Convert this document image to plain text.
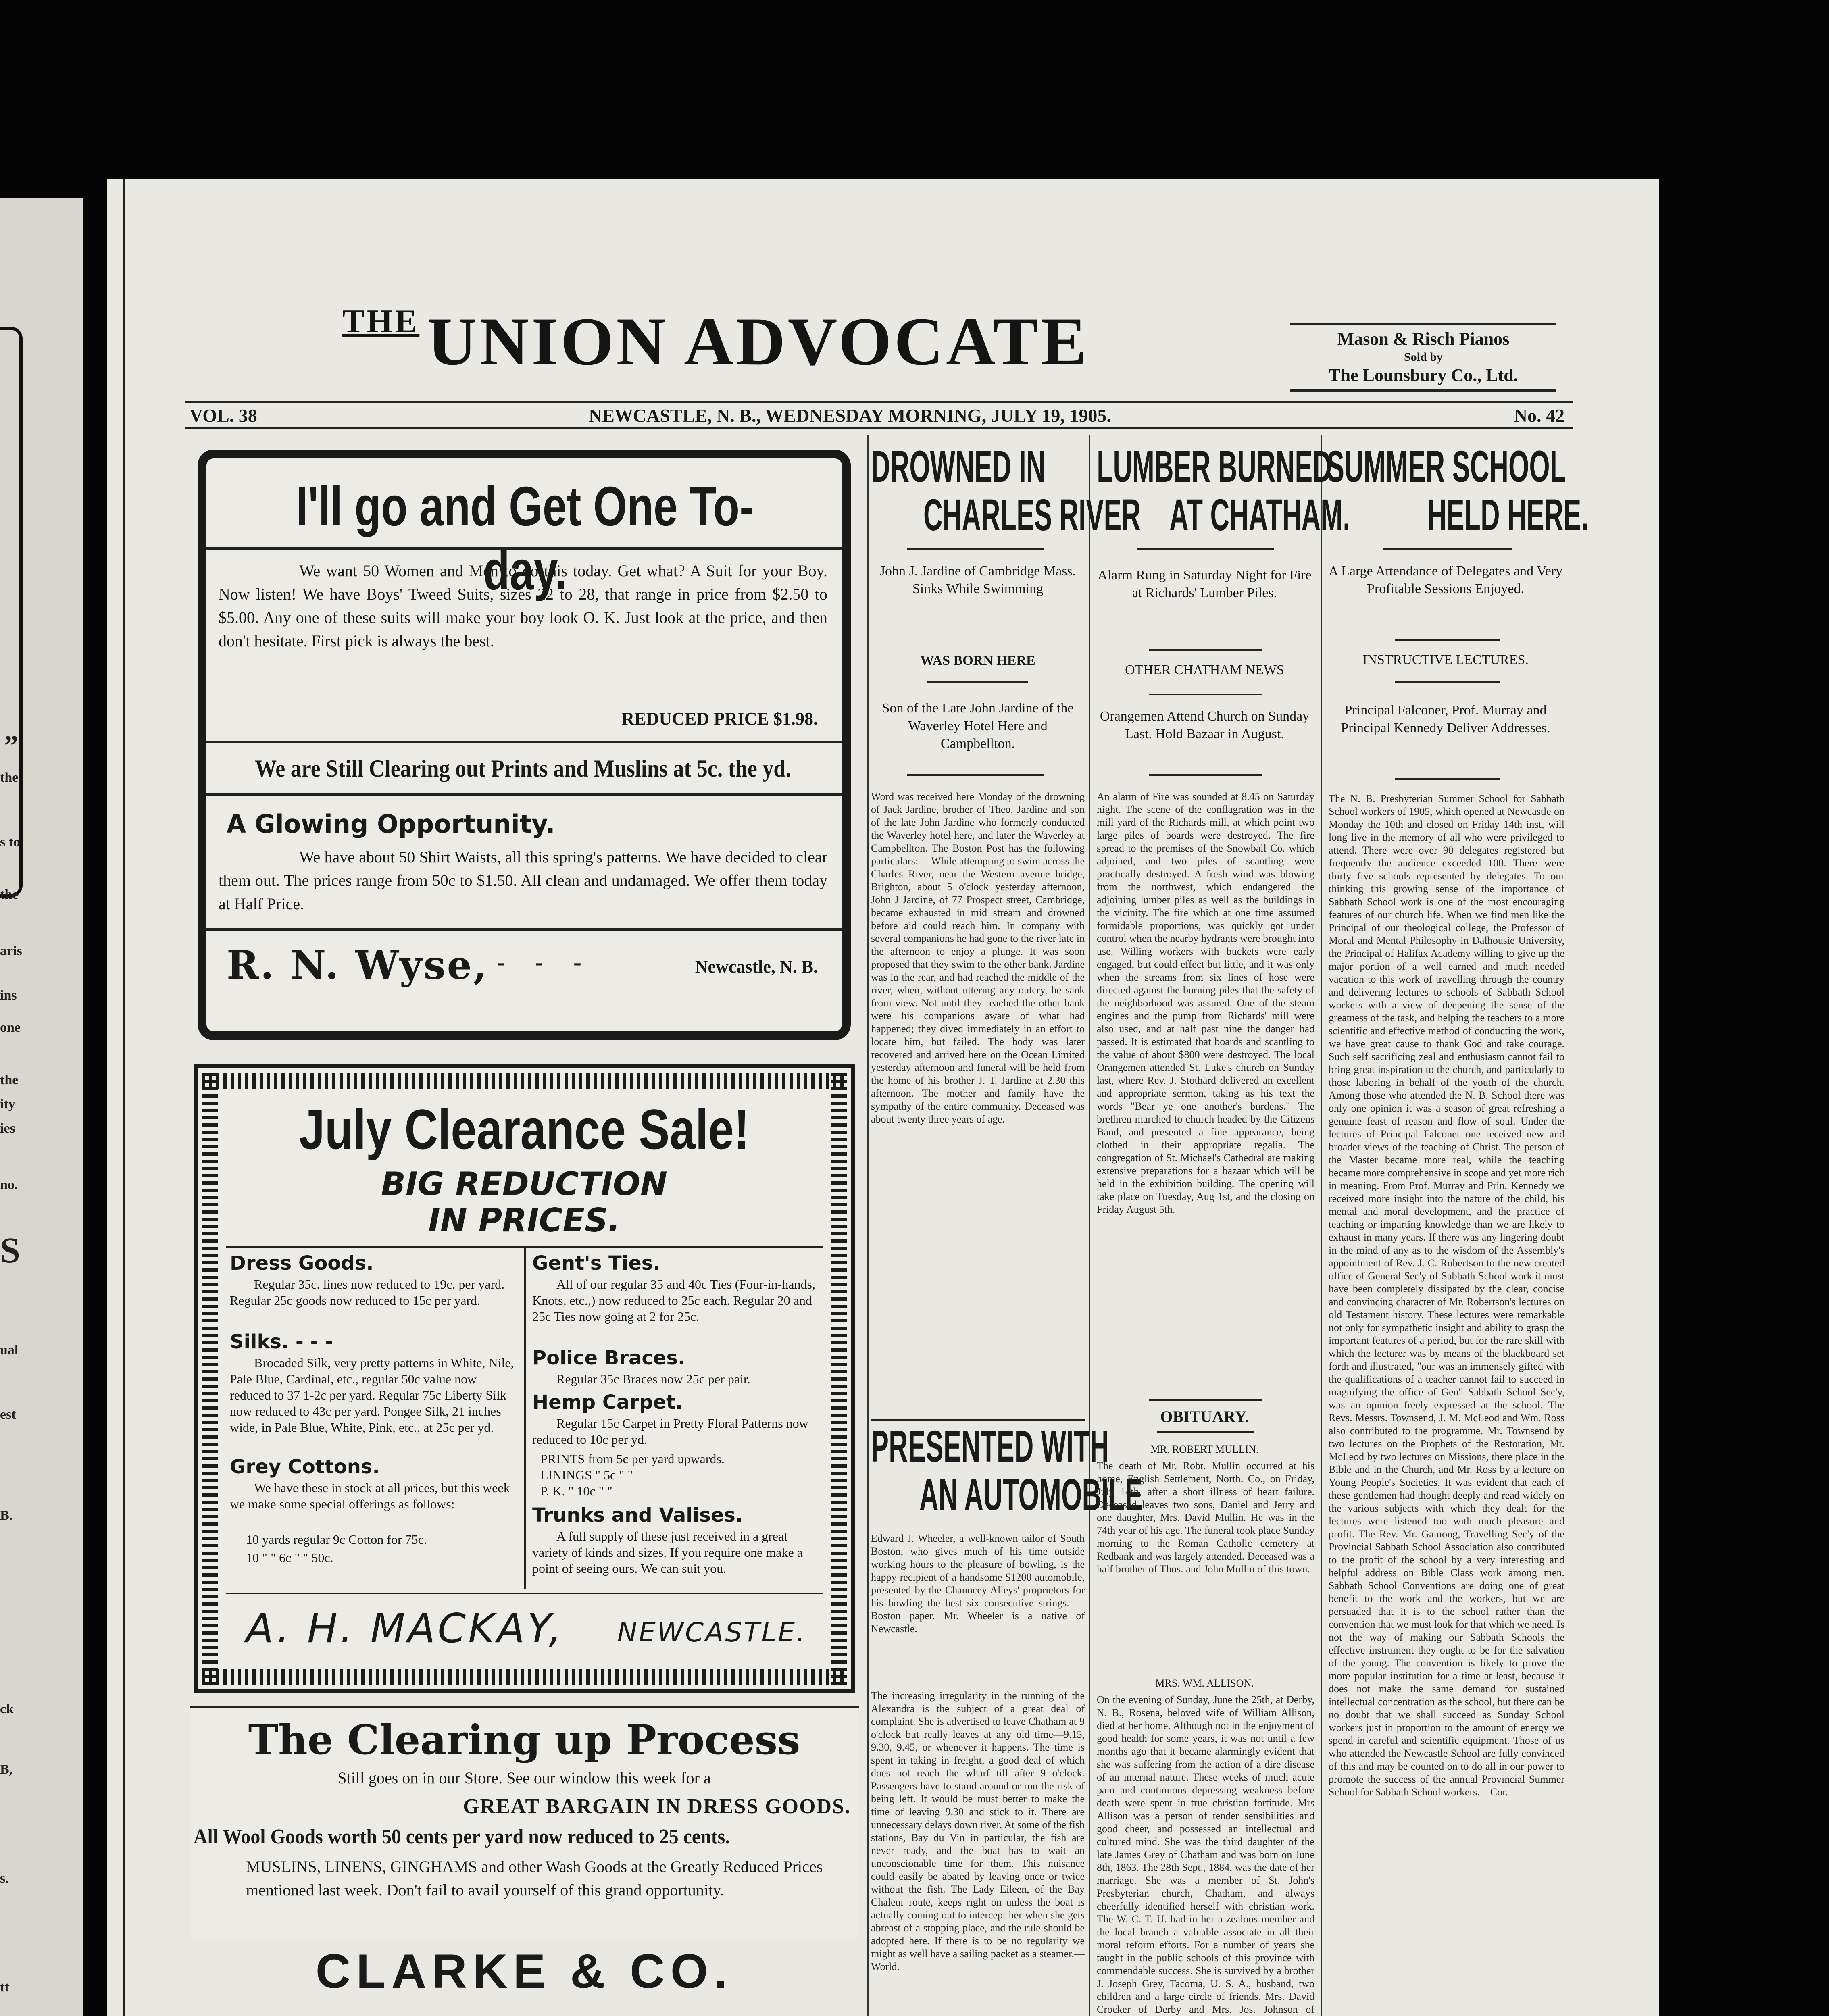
”
the
s to
the
aris
ins
one
the
ity
ies
no.
S
ual
est
B.
ck
B,
s.
tt
$^{THE}$ UNION ADVOCATE	Mason & Risch Pianos
Sold by
The Lounsbury Co., Ltd.
VOL. 38	NEWCASTLE, N. B., WEDNESDAY MORNING, JULY 19, 1905.	No. 42
I'll go and Get One To-day.
We want 50 Women and Men to do this today. Get what? A Suit for your Boy. Now listen! We have Boys' Tweed Suits, sizes 22 to 28, that range in price from $2.50 to $5.00. Any one of these suits will make your boy look O. K. Just look at the price, and then don't hesitate. First pick is always the best.
REDUCED PRICE $1.98.
We are Still Clearing out Prints and Muslins at 5c. the yd.
A Glowing Opportunity.
We have about 50 Shirt Waists, all this spring's patterns. We have decided to clear them out. The prices range from 50c to $1.50. All clean and undamaged. We offer them today at Half Price.
R. N. Wyse, - - -	Newcastle, N. B.
July Clearance Sale!
BIG REDUCTION
IN PRICES.
Dress Goods.
Regular 35c. lines now reduced to 19c. per yard. Regular 25c goods now reduced to 15c per yard.
Silks. - - -
Brocaded Silk, very pretty patterns in White, Nile, Pale Blue, Cardinal, etc., regular 50c value now reduced to 37 1-2c per yard. Regular 75c Liberty Silk now reduced to 43c per yard. Pongee Silk, 21 inches wide, in Pale Blue, White, Pink, etc., at 25c per yd.
Grey Cottons.
We have these in stock at all prices, but this week we make some special offerings as follows:
10 yards regular 9c Cotton for 75c.
10 " " 6c " " 50c.
Gent's Ties.
All of our regular 35 and 40c Ties (Four-in-hands, Knots, etc.,) now reduced to 25c each. Regular 20 and 25c Ties now going at 2 for 25c.
Police Braces.
Regular 35c Braces now 25c per pair.
Hemp Carpet.
Regular 15c Carpet in Pretty Floral Patterns now reduced to 10c per yd.
PRINTS from 5c per yard upwards.
LININGS " 5c " "
P. K. " 10c " "
Trunks and Valises.
A full supply of these just received in a great variety of kinds and sizes. If you require one make a point of seeing ours. We can suit you.
A. H. MACKAY, NEWCASTLE.
The Clearing up Process
Still goes on in our Store. See our window this week for a
GREAT BARGAIN IN DRESS GOODS.
All Wool Goods worth 50 cents per yard now reduced to 25 cents.
MUSLINS, LINENS, GINGHAMS and other Wash Goods at the Greatly Reduced Prices mentioned last week. Don't fail to avail yourself of this grand opportunity.
CLARKE & CO.
DROWNED IN
CHARLES RIVER
John J. Jardine of Cambridge Mass. Sinks While Swimming
WAS BORN HERE
Son of the Late John Jardine of the Waverley Hotel Here and Campbellton.
Word was received here Monday of the drowning of Jack Jardine, brother of Theo. Jardine and son of the late John Jardine who formerly conducted the Waverley hotel here, and later the Waverley at Campbellton. The Boston Post has the following particulars:— While attempting to swim across the Charles River, near the Western avenue bridge, Brighton, about 5 o'clock yesterday afternoon, John J Jardine, of 77 Prospect street, Cambridge, became exhausted in mid stream and drowned before aid could reach him. In company with several companions he had gone to the river late in the afternoon to enjoy a plunge. It was soon proposed that they swim to the other bank. Jardine was in the rear, and had reached the middle of the river, when, without uttering any outcry, he sank from view. Not until they reached the other bank were his companions aware of what had happened; they dived immediately in an effort to locate him, but failed. The body was later recovered and arrived here on the Ocean Limited yesterday afternoon and funeral will be held from the home of his brother J. T. Jardine at 2.30 this afternoon. The mother and family have the sympathy of the entire community. Deceased was about twenty three years of age.
PRESENTED WITH
AN AUTOMOBILE
Edward J. Wheeler, a well-known tailor of South Boston, who gives much of his time outside working hours to the pleasure of bowling, is the happy recipient of a handsome $1200 automobile, presented by the Chauncey Alleys' proprietors for his bowling the best six consecutive strings. —Boston paper. Mr. Wheeler is a native of Newcastle.
The increasing irregularity in the running of the Alexandra is the subject of a great deal of complaint. She is advertised to leave Chatham at 9 o'clock but really leaves at any old time—9.15, 9.30, 9.45, or whenever it happens. The time is spent in taking in freight, a good deal of which does not reach the wharf till after 9 o'clock. Passengers have to stand around or run the risk of being left. It would be must better to make the time of leaving 9.30 and stick to it. There are unnecessary delays down river. At some of the fish stations, Bay du Vin in particular, the fish are never ready, and the boat has to wait an unconscionable time for them. This nuisance could easily be abated by leaving once or twice without the fish. The Lady Eileen, of the Bay Chaleur route, keeps right on unless the boat is actually coming out to intercept her when she gets abreast of a stopping place, and the rule should be adopted here. If there is to be no regularity we might as well have a sailing packet as a steamer.—World.
LUMBER BURNED
AT CHATHAM.
Alarm Rung in Saturday Night for Fire at Richards' Lumber Piles.
OTHER CHATHAM NEWS
Orangemen Attend Church on Sunday Last. Hold Bazaar in August.
An alarm of Fire was sounded at 8.45 on Saturday night. The scene of the conflagration was in the mill yard of the Richards mill, at which point two large piles of boards were destroyed. The fire spread to the premises of the Snowball Co. which adjoined, and two piles of scantling were practically destroyed. A fresh wind was blowing from the northwest, which endangered the adjoining lumber piles as well as the buildings in the vicinity. The fire which at one time assumed formidable proportions, was quickly got under control when the nearby hydrants were brought into use. Willing workers with buckets were early engaged, but could effect but little, and it was only when the streams from six lines of hose were directed against the burning piles that the safety of the neighborhood was assured. One of the steam engines and the pump from Richards' mill were also used, and at half past nine the danger had passed. It is estimated that boards and scantling to the value of about $800 were destroyed. The local Orangemen attended St. Luke's church on Sunday last, where Rev. J. Stothard delivered an excellent and appropriate sermon, taking as his text the words "Bear ye one another's burdens." The brethren marched to church headed by the Citizens Band, and presented a fine appearance, being clothed in their appropriate regalia. The congregation of St. Michael's Cathedral are making extensive preparations for a bazaar which will be held in the exhibition building. The opening will take place on Tuesday, Aug 1st, and the closing on Friday August 5th.
OBITUARY.
MR. ROBERT MULLIN.
The death of Mr. Robt. Mullin occurred at his home, English Settlement, North. Co., on Friday, July 14th, after a short illness of heart failure. Deceased leaves two sons, Daniel and Jerry and one daughter, Mrs. David Mullin. He was in the 74th year of his age. The funeral took place Sunday morning to the Roman Catholic cemetery at Redbank and was largely attended. Deceased was a half brother of Thos. and John Mullin of this town.
MRS. WM. ALLISON.
On the evening of Sunday, June the 25th, at Derby, N. B., Rosena, beloved wife of William Allison, died at her home. Although not in the enjoyment of good health for some years, it was not until a few months ago that it became alarmingly evident that she was suffering from the action of a dire disease of an internal nature. These weeks of much acute pain and continuous depressing weakness before death were spent in true christian fortitude. Mrs Allison was a person of tender sensibilities and good cheer, and possessed an intellectual and cultured mind. She was the third daughter of the late James Grey of Chatham and was born on June 8th, 1863. The 28th Sept., 1884, was the date of her marriage. She was a member of St. John's Presbyterian church, Chatham, and always cheerfully identified herself with christian work. The W. C. T. U. had in her a zealous member and the local branch a valuable associate in all their moral reform efforts. For a number of years she taught in the public schools of this province with commendable success. She is survived by a brother J. Joseph Grey, Tacoma, U. S. A., husband, two children and a large circle of friends. Mrs. David Crocker of Derby and Mrs. Jos. Johnson of
SUMMER SCHOOL
HELD HERE.
A Large Attendance of Delegates and Very Profitable Sessions Enjoyed.
INSTRUCTIVE LECTURES.
Principal Falconer, Prof. Murray and Principal Kennedy Deliver Addresses.
The N. B. Presbyterian Summer School for Sabbath School workers of 1905, which opened at Newcastle on Monday the 10th and closed on Friday 14th inst, will long live in the memory of all who were privileged to attend. There were over 90 delegates registered but frequently the audience exceeded 100. There were thirty five schools represented by delegates. To our thinking this growing sense of the importance of Sabbath School work is one of the most encouraging features of our church life. When we find men like the Principal of our theological college, the Professor of Moral and Mental Philosophy in Dalhousie University, the Principal of Halifax Academy willing to give up the major portion of a well earned and much needed vacation to this work of travelling through the country and delivering lectures to schools of Sabbath School workers with a view of deepening the sense of the greatness of the task, and helping the teachers to a more scientific and effective method of conducting the work, we have great cause to thank God and take courage. Such self sacrificing zeal and enthusiasm cannot fail to bring great inspiration to the church, and particularly to those laboring in behalf of the youth of the church. Among those who attended the N. B. School there was only one opinion it was a season of great refreshing a genuine feast of reason and flow of soul. Under the lectures of Principal Falconer one received new and broader views of the teaching of Christ. The person of the Master became more real, while the teaching became more comprehensive in scope and yet more rich in meaning. From Prof. Murray and Prin. Kennedy we received more insight into the nature of the child, his mental and moral development, and the practice of teaching or imparting knowledge than we are likely to exhaust in many years. If there was any lingering doubt in the mind of any as to the wisdom of the Assembly's appointment of Rev. J. C. Robertson to the new created office of General Sec'y of Sabbath School work it must have been completely dissipated by the clear, concise and convincing character of Mr. Robertson's lectures on old Testament history. These lectures were remarkable not only for sympathetic insight and ability to grasp the important features of a period, but for the rare skill with which the lecturer was by means of the blackboard set forth and illustrated, "our was an immensely gifted with the qualifications of a teacher cannot fail to succeed in magnifying the office of Gen'l Sabbath School Sec'y, was an opinion freely expressed at the school. The Revs. Messrs. Townsend, J. M. McLeod and Wm. Ross also contributed to the programme. Mr. Townsend by two lectures on the Prophets of the Restoration, Mr. McLeod by two lectures on Missions, there place in the Bible and in the Church, and Mr. Ross by a lecture on Young People's Societies. It was evident that each of these gentlemen had thought deeply and read widely on the various subjects with which they dealt for the lectures were listened too with much pleasure and profit. The Rev. Mr. Gamong, Travelling Sec'y of the Provincial Sabbath School Association also contributed to the profit of the school by a very interesting and helpful address on Bible Class work among men. Sabbath School Conventions are doing one of great benefit to the work and the workers, but we are persuaded that it is to the school rather than the convention that we must look for that which we need. Is not the way of making our Sabbath Schools the effective instrument they ought to be for the salvation of the young. The convention is likely to prove the more popular institution for a time at least, because it does not make the same demand for sustained intellectual concentration as the school, but there can be no doubt that we shall succeed as Sunday School workers just in proportion to the amount of energy we spend in careful and scientific equipment. Those of us who attended the Newcastle School are fully convinced of this and may be counted on to do all in our power to promote the success of the annual Provincial Summer School for Sabbath School workers.—Cor.
